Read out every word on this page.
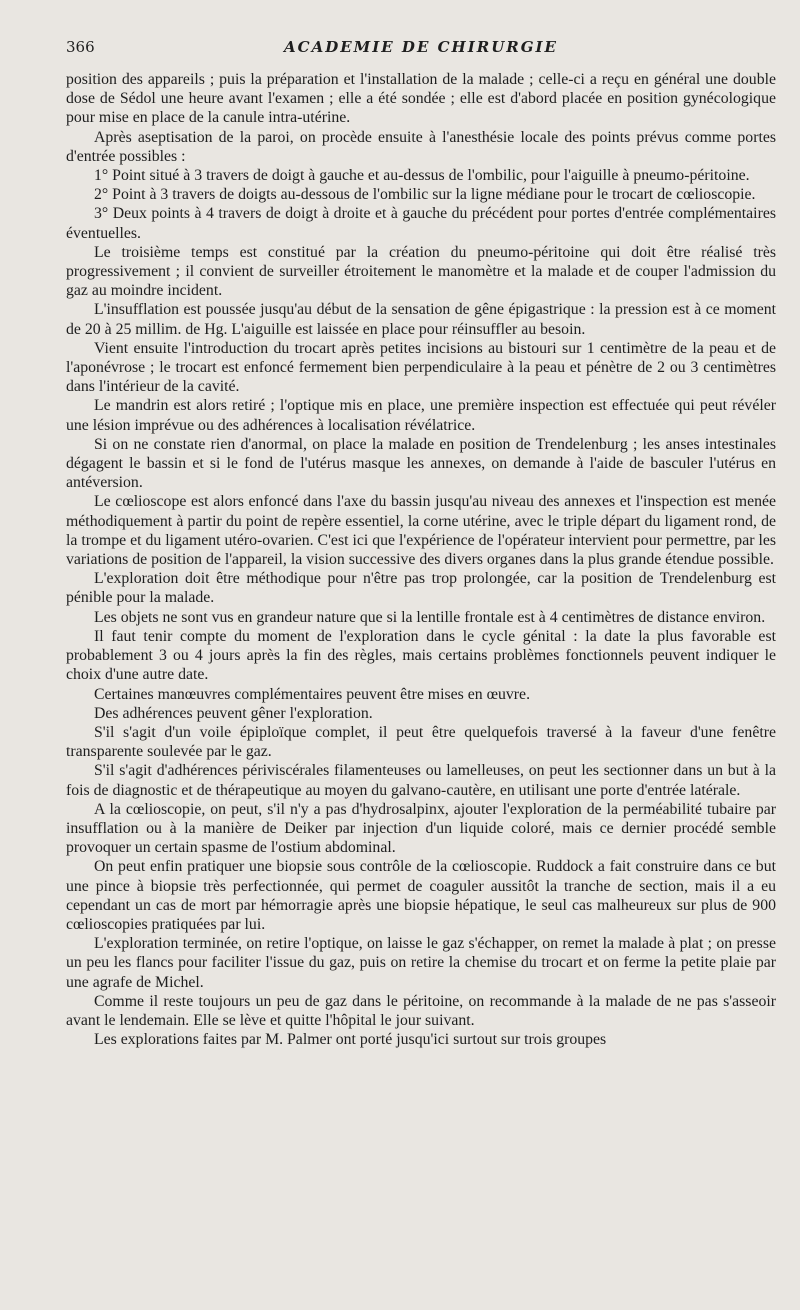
366	ACADEMIE DE CHIRURGIE

position des appareils ; puis la préparation et l'installation de la malade ; celle-ci a reçu en général une double dose de Sédol une heure avant l'examen ; elle a été sondée ; elle est d'abord placée en position gynécologique pour mise en place de la canule intra-utérine.

Après aseptisation de la paroi, on procède ensuite à l'anesthésie locale des points prévus comme portes d'entrée possibles :

1° Point situé à 3 travers de doigt à gauche et au-dessus de l'ombilic, pour l'aiguille à pneumo-péritoine.

2° Point à 3 travers de doigts au-dessous de l'ombilic sur la ligne médiane pour le trocart de cœlioscopie.

3° Deux points à 4 travers de doigt à droite et à gauche du précédent pour portes d'entrée complémentaires éventuelles.

Le troisième temps est constitué par la création du pneumo-péritoine qui doit être réalisé très progressivement ; il convient de surveiller étroitement le manomètre et la malade et de couper l'admission du gaz au moindre incident.

L'insufflation est poussée jusqu'au début de la sensation de gêne épigastrique : la pression est à ce moment de 20 à 25 millim. de Hg. L'aiguille est laissée en place pour réinsuffler au besoin.

Vient ensuite l'introduction du trocart après petites incisions au bistouri sur 1 centimètre de la peau et de l'aponévrose ; le trocart est enfoncé fermement bien perpendiculaire à la peau et pénètre de 2 ou 3 centimètres dans l'intérieur de la cavité.

Le mandrin est alors retiré ; l'optique mis en place, une première inspection est effectuée qui peut révéler une lésion imprévue ou des adhérences à localisation révélatrice.

Si on ne constate rien d'anormal, on place la malade en position de Trendelenburg ; les anses intestinales dégagent le bassin et si le fond de l'utérus masque les annexes, on demande à l'aide de basculer l'utérus en antéversion.

Le cœlioscope est alors enfoncé dans l'axe du bassin jusqu'au niveau des annexes et l'inspection est menée méthodiquement à partir du point de repère essentiel, la corne utérine, avec le triple départ du ligament rond, de la trompe et du ligament utéro-ovarien. C'est ici que l'expérience de l'opérateur intervient pour permettre, par les variations de position de l'appareil, la vision successive des divers organes dans la plus grande étendue possible.

L'exploration doit être méthodique pour n'être pas trop prolongée, car la position de Trendelenburg est pénible pour la malade.

Les objets ne sont vus en grandeur nature que si la lentille frontale est à 4 centimètres de distance environ.

Il faut tenir compte du moment de l'exploration dans le cycle génital : la date la plus favorable est probablement 3 ou 4 jours après la fin des règles, mais certains problèmes fonctionnels peuvent indiquer le choix d'une autre date.

Certaines manœuvres complémentaires peuvent être mises en œuvre.

Des adhérences peuvent gêner l'exploration.

S'il s'agit d'un voile épiploïque complet, il peut être quelquefois traversé à la faveur d'une fenêtre transparente soulevée par le gaz.

S'il s'agit d'adhérences périviscérales filamenteuses ou lamelleuses, on peut les sectionner dans un but à la fois de diagnostic et de thérapeutique au moyen du galvano-cautère, en utilisant une porte d'entrée latérale.

A la cœlioscopie, on peut, s'il n'y a pas d'hydrosalpinx, ajouter l'exploration de la perméabilité tubaire par insufflation ou à la manière de Deiker par injection d'un liquide coloré, mais ce dernier procédé semble provoquer un certain spasme de l'ostium abdominal.

On peut enfin pratiquer une biopsie sous contrôle de la cœlioscopie. Ruddock a fait construire dans ce but une pince à biopsie très perfectionnée, qui permet de coaguler aussitôt la tranche de section, mais il a eu cependant un cas de mort par hémorragie après une biopsie hépatique, le seul cas malheureux sur plus de 900 cœlioscopies pratiquées par lui.

L'exploration terminée, on retire l'optique, on laisse le gaz s'échapper, on remet la malade à plat ; on presse un peu les flancs pour faciliter l'issue du gaz, puis on retire la chemise du trocart et on ferme la petite plaie par une agrafe de Michel.

Comme il reste toujours un peu de gaz dans le péritoine, on recommande à la malade de ne pas s'asseoir avant le lendemain. Elle se lève et quitte l'hôpital le jour suivant.

Les explorations faites par M. Palmer ont porté jusqu'ici surtout sur trois groupes
